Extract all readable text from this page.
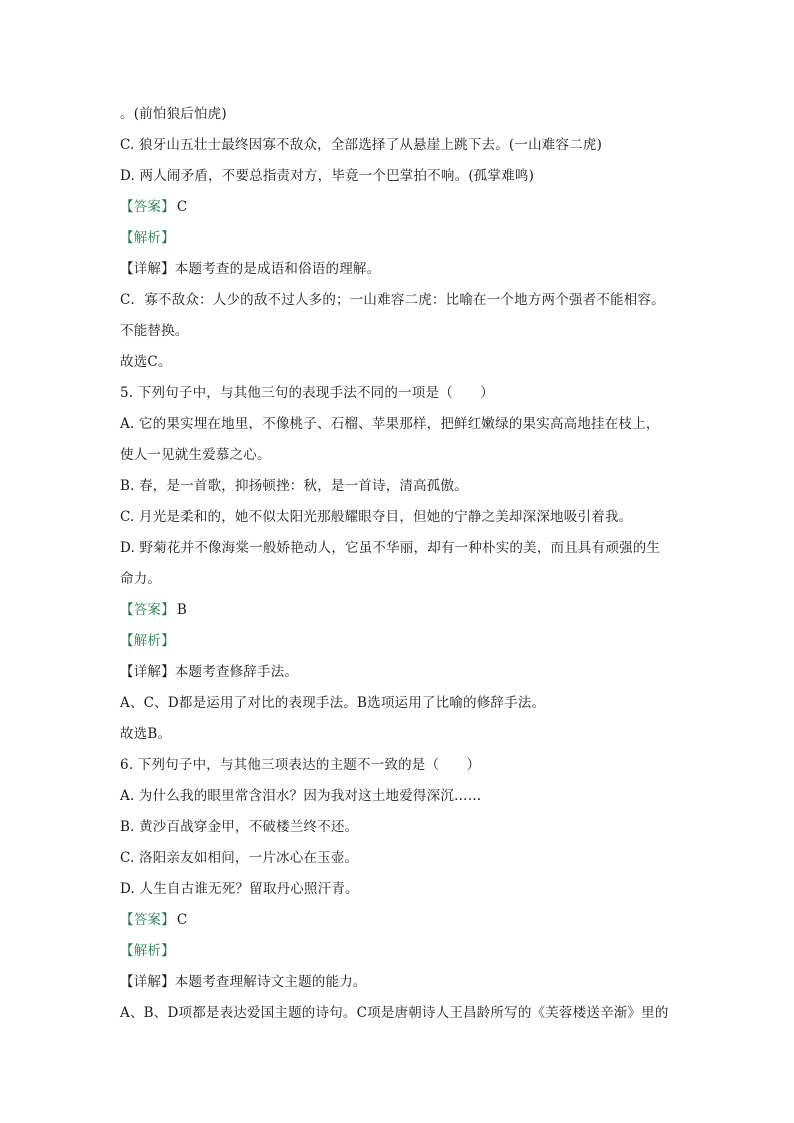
。(前怕狼后怕虎)
C. 狼牙山五壮士最终因寡不敌众，全部选择了从悬崖上跳下去。(一山难容二虎)
D. 两人闹矛盾，不要总指责对方，毕竟一个巴掌拍不响。(孤掌难鸣)
【答案】 C
【解析】
【详解】本题考查的是成语和俗语的理解。
C．寡不敌众：人少的敌不过人多的；一山难容二虎：比喻在一个地方两个强者不能相容。
不能替换。
故选C。
5. 下列句子中，与其他三句的表现手法不同的一项是（　　）
A. 它的果实埋在地里，不像桃子、石榴、苹果那样，把鲜红嫩绿的果实高高地挂在枝上，
使人一见就生爱慕之心。
B. 春，是一首歌，抑扬顿挫：秋，是一首诗，清高孤傲。
C. 月光是柔和的，她不似太阳光那般耀眼夺目，但她的宁静之美却深深地吸引着我。
D. 野菊花并不像海棠一般娇艳动人，它虽不华丽，却有一种朴实的美，而且具有顽强的生
命力。
【答案】 B
【解析】
【详解】本题考查修辞手法。
A、C、D都是运用了对比的表现手法。B选项运用了比喻的修辞手法。
故选B。
6. 下列句子中，与其他三项表达的主题不一致的是（　　）
A. 为什么我的眼里常含泪水？因为我对这土地爱得深沉……
B. 黄沙百战穿金甲，不破楼兰终不还。
C. 洛阳亲友如相问，一片冰心在玉壶。
D. 人生自古谁无死？留取丹心照汗青。
【答案】 C
【解析】
【详解】本题考查理解诗文主题的能力。
A、B、D项都是表达爱国主题的诗句。C项是唐朝诗人王昌龄所写的《芙蓉楼送辛渐》里的
